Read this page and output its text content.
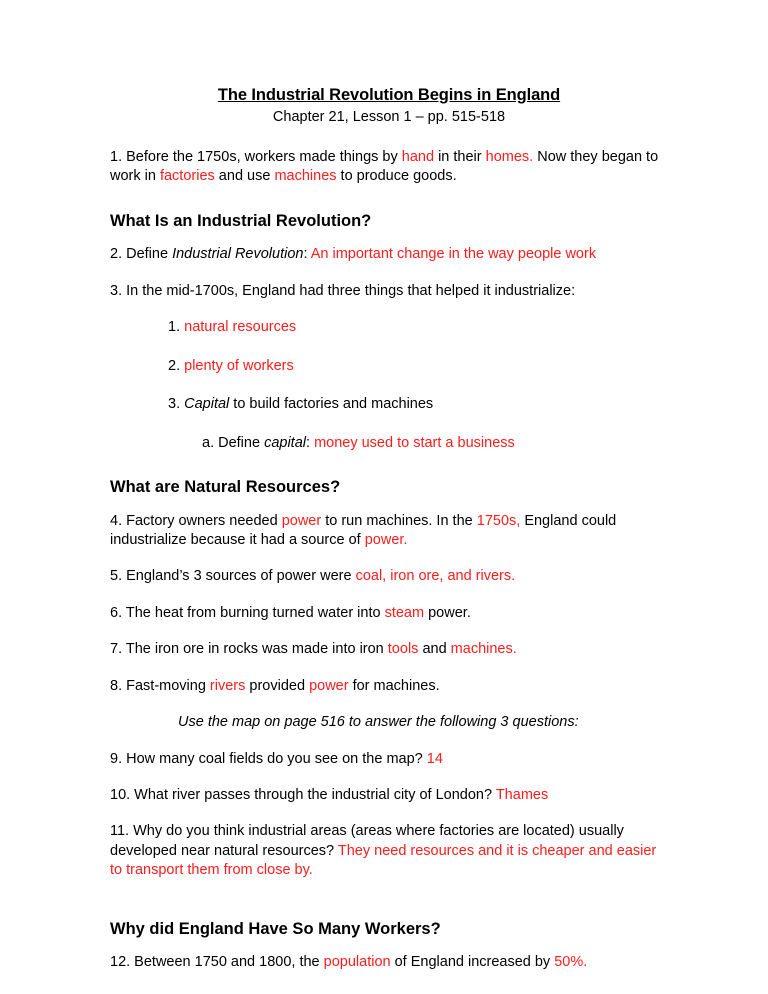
The Industrial Revolution Begins in England
Chapter 21, Lesson 1 – pp. 515-518

1. Before the 1750s, workers made things by hand in their homes. Now they began to work in factories and use machines to produce goods.

What Is an Industrial Revolution?

2. Define Industrial Revolution: An important change in the way people work

3. In the mid-1700s, England had three things that helped it industrialize:

1. natural resources

2. plenty of workers

3. Capital to build factories and machines

a. Define capital: money used to start a business

What are Natural Resources?

4. Factory owners needed power to run machines. In the 1750s, England could industrialize because it had a source of power.

5. England’s 3 sources of power were coal, iron ore, and rivers.

6. The heat from burning turned water into steam power.

7. The iron ore in rocks was made into iron tools and machines.

8. Fast-moving rivers provided power for machines.

Use the map on page 516 to answer the following 3 questions:

9. How many coal fields do you see on the map? 14

10. What river passes through the industrial city of London? Thames

11. Why do you think industrial areas (areas where factories are located) usually developed near natural resources? They need resources and it is cheaper and easier to transport them from close by.

Why did England Have So Many Workers?

12. Between 1750 and 1800, the population of England increased by 50%.
